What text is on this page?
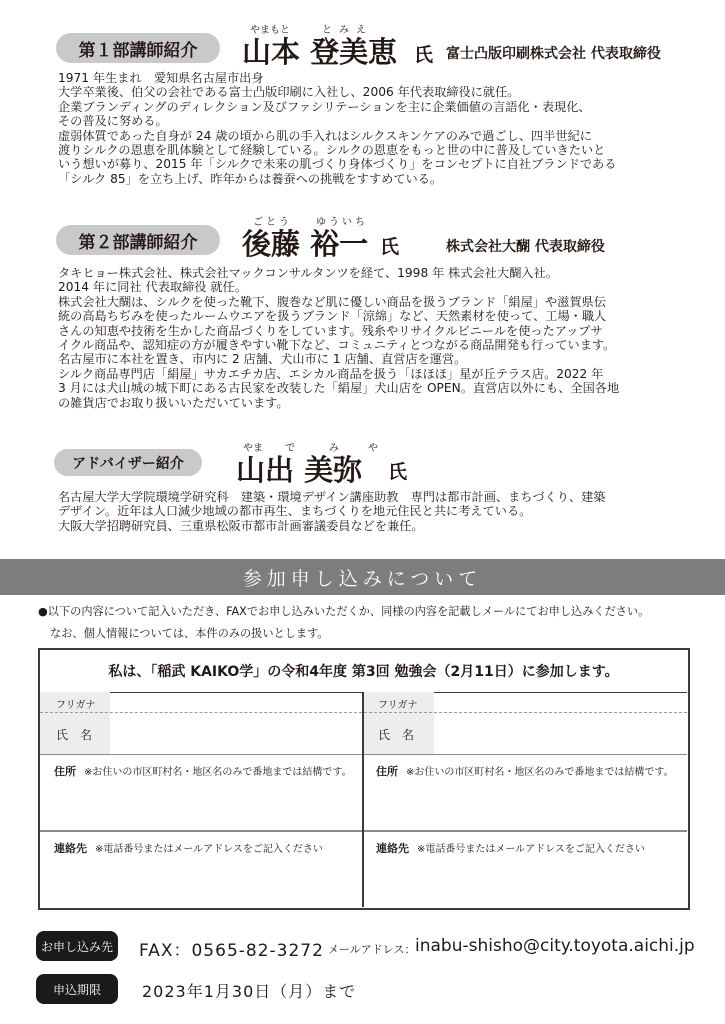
第１部講師紹介
やまもと	とみえ
山本 登美恵 氏 富士凸版印刷株式会社 代表取締役
1971 年生まれ　愛知県名古屋市出身
大学卒業後、伯父の会社である富士凸版印刷に入社し、2006 年代表取締役に就任。
企業ブランディングのディレクション及びファシリテーションを主に企業価値の言語化・表現化、
その普及に努める。
虚弱体質であった自身が 24 歳の頃から肌の手入れはシルクスキンケアのみで過ごし、四半世紀に
渡りシルクの恩恵を肌体験として経験している。シルクの恩恵をもっと世の中に普及していきたいと
いう想いが募り、2015 年「シルクで未来の肌づくり身体づくり」をコンセプトに自社ブランドである
「シルク 85」を立ち上げ、昨年からは養蚕への挑戦をすすめている。
第２部講師紹介
ごとう ゆういち
後藤 裕一 氏	株式会社大醐 代表取締役
タキヒョー株式会社、株式会社マックコンサルタンツを経て、1998 年 株式会社大醐入社。
2014 年に同社 代表取締役 就任。
株式会社大醐は、シルクを使った靴下、腹巻など肌に優しい商品を扱うブランド「絹屋」や滋賀県伝
統の高島ちぢみを使ったルームウエアを扱うブランド「涼綿」など、天然素材を使って、工場・職人
さんの知恵や技術を生かした商品づくりをしています。残糸やリサイクルビニールを使ったアップサ
イクル商品や、認知症の方が履きやすい靴下など、コミュニティとつながる商品開発も行っています。
名古屋市に本社を置き、市内に 2 店舗、犬山市に 1 店舗、直営店を運営。
シルク商品専門店「絹屋」サカエチカ店、エシカル商品を扱う「ほほほ」星が丘テラス店。2022 年
3 月には犬山城の城下町にある古民家を改装した「絹屋」犬山店を OPEN。直営店以外にも、全国各地
の雑貨店でお取り扱いいただいています。
アドバイザー紹介
やま で	み	や
山出 美弥 氏
名古屋大学大学院環境学研究科　建築・環境デザイン講座助教　専門は都市計画、まちづくり、建築
デザイン。近年は人口減少地域の都市再生、まちづくりを地元住民と共に考えている。
大阪大学招聘研究員、三重県松阪市都市計画審議委員などを兼任。
参加申し込みについて
●以下の内容について記入いただき、FAXでお申し込みいただくか、同様の内容を記載しメールにてお申し込みください。
なお、個人情報については、本件のみの扱いとします。
私は、「稲武 KAIKO学」の令和4年度 第3回 勉強会（2月11日）に参加します。
フリガナ
氏　名
住所 ※お住いの市区町村名・地区名のみで番地までは結構です。
連絡先 ※電話番号またはメールアドレスをご記入ください
フリガナ
氏　名
住所 ※お住いの市区町村名・地区名のみで番地までは結構です。
連絡先 ※電話番号またはメールアドレスをご記入ください
お申し込み先 FAX：0565-82-3272 メールアドレス： inabu-shisho@city.toyota.aichi.jp
申込期限	2023年1月30日（月）まで
